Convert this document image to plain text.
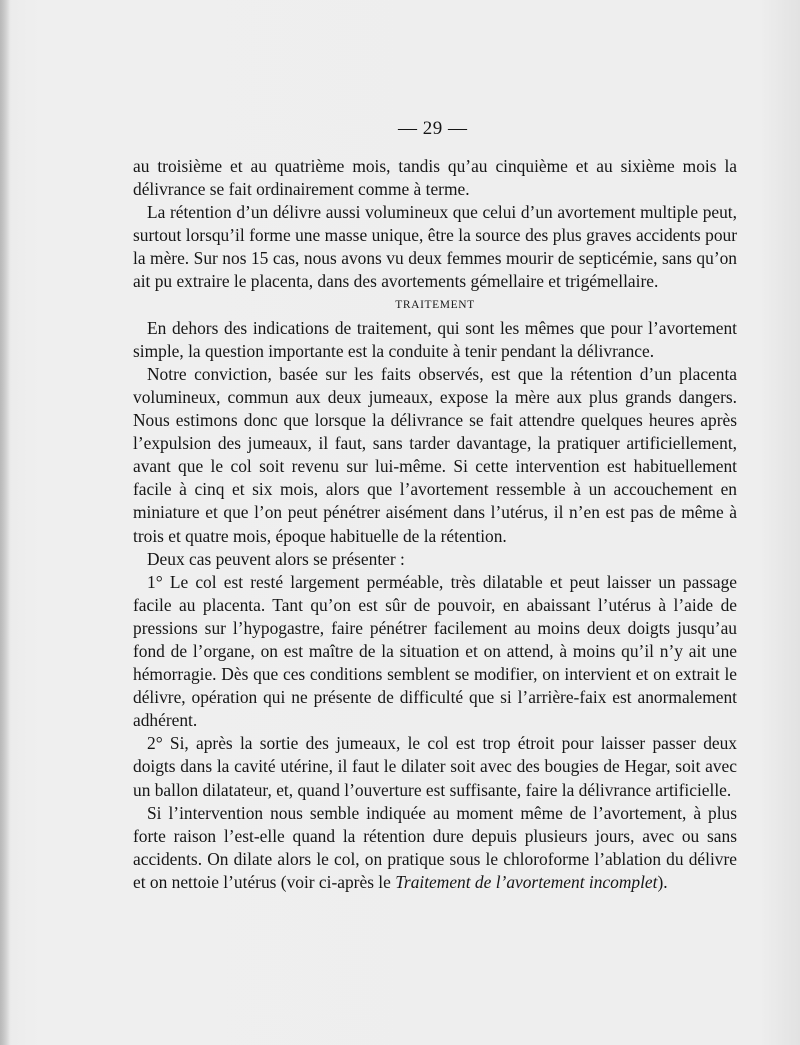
— 29 —

au troisième et au quatrième mois, tandis qu’au cinquième et au sixième mois la délivrance se fait ordinairement comme à terme.

La rétention d’un délivre aussi volumineux que celui d’un avortement multiple peut, surtout lorsqu’il forme une masse unique, être la source des plus graves accidents pour la mère. Sur nos 15 cas, nous avons vu deux femmes mourir de septicémie, sans qu’on ait pu extraire le placenta, dans des avortements gémellaire et trigémellaire.

TRAITEMENT

En dehors des indications de traitement, qui sont les mêmes que pour l’avortement simple, la question importante est la conduite à tenir pendant la délivrance.

Notre conviction, basée sur les faits observés, est que la rétention d’un placenta volumineux, commun aux deux jumeaux, expose la mère aux plus grands dangers. Nous estimons donc que lorsque la délivrance se fait attendre quelques heures après l’expulsion des jumeaux, il faut, sans tarder davantage, la pratiquer artificiellement, avant que le col soit revenu sur lui-même. Si cette intervention est habituellement facile à cinq et six mois, alors que l’avortement ressemble à un accouchement en miniature et que l’on peut pénétrer aisément dans l’utérus, il n’en est pas de même à trois et quatre mois, époque habituelle de la rétention.

Deux cas peuvent alors se présenter :

1° Le col est resté largement perméable, très dilatable et peut laisser un passage facile au placenta. Tant qu’on est sûr de pouvoir, en abaissant l’utérus à l’aide de pressions sur l’hypogastre, faire pénétrer facilement au moins deux doigts jusqu’au fond de l’organe, on est maître de la situation et on attend, à moins qu’il n’y ait une hémorragie. Dès que ces conditions semblent se modifier, on intervient et on extrait le délivre, opération qui ne présente de difficulté que si l’arrière-faix est anormalement adhérent.

2° Si, après la sortie des jumeaux, le col est trop étroit pour laisser passer deux doigts dans la cavité utérine, il faut le dilater soit avec des bougies de Hegar, soit avec un ballon dilatateur, et, quand l’ouverture est suffisante, faire la délivrance artificielle.

Si l’intervention nous semble indiquée au moment même de l’avortement, à plus forte raison l’est-elle quand la rétention dure depuis plusieurs jours, avec ou sans accidents. On dilate alors le col, on pratique sous le chloroforme l’ablation du délivre et on nettoie l’utérus (voir ci-après le Traitement de l’avortement incomplet).
